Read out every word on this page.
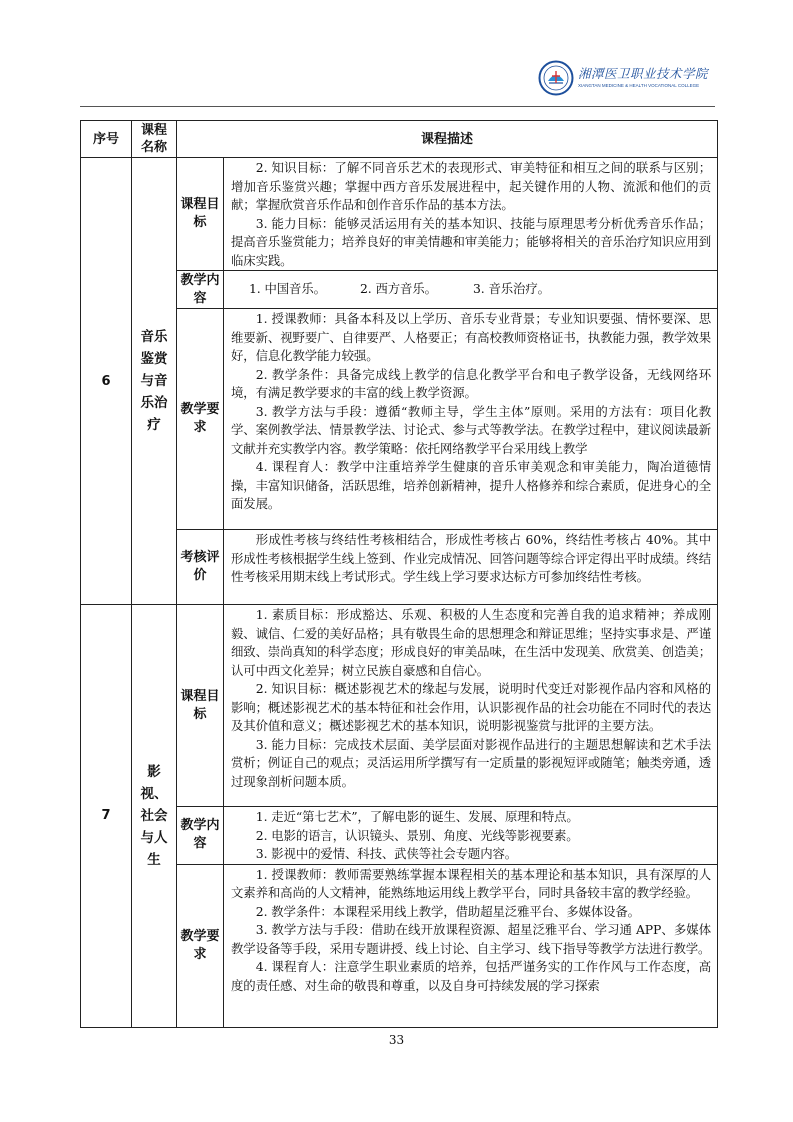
湘潭医卫职业技术学院
XIANGTAN MEDICINE & HEALTH VOCATIONAL COLLEGE
序号	课程名称	课程描述	
6	音乐鉴赏与音乐治疗	课程目标	2. 知识目标：了解不同音乐艺术的表现形式、审美特征和相互之间的联系与区别；增加音乐鉴赏兴趣；掌握中西方音乐发展进程中，起关键作用的人物、流派和他们的贡献；掌握欣赏音乐作品和创作音乐作品的基本方法。

3. 能力目标：能够灵活运用有关的基本知识、技能与原理思考分析优秀音乐作品；提高音乐鉴赏能力；培养良好的审美情趣和审美能力；能够将相关的音乐治疗知识应用到临床实践。

		教学内容	1. 中国音乐。 2. 西方音乐。 3. 音乐治疗。

		教学要求	1. 授课教师：具备本科及以上学历、音乐专业背景；专业知识要强、情怀要深、思维要新、视野要广、自律要严、人格要正；有高校教师资格证书，执教能力强，教学效果好，信息化教学能力较强。

2. 教学条件：具备完成线上教学的信息化教学平台和电子教学设备，无线网络环境，有满足教学要求的丰富的线上教学资源。

3. 教学方法与手段：遵循“教师主导，学生主体”原则。采用的方法有：项目化教学、案例教学法、情景教学法、讨论式、参与式等教学法。在教学过程中，建议阅读最新文献并充实教学内容。教学策略：依托网络教学平台采用线上教学

4. 课程育人：教学中注重培养学生健康的音乐审美观念和审美能力，陶冶道德情操，丰富知识储备，活跃思维，培养创新精神，提升人格修养和综合素质，促进身心的全面发展。

		考核评价	形成性考核与终结性考核相结合，形成性考核占 60%，终结性考核占 40%。其中形成性考核根据学生线上签到、作业完成情况、回答问题等综合评定得出平时成绩。终结性考核采用期末线上考试形式。学生线上学习要求达标方可参加终结性考核。

7	影视、社会与人生	课程目标	1. 素质目标：形成豁达、乐观、积极的人生态度和完善自我的追求精神；养成刚毅、诚信、仁爱的美好品格；具有敬畏生命的思想理念和辩证思维；坚持实事求是、严谨细致、崇尚真知的科学态度；形成良好的审美品味，在生活中发现美、欣赏美、创造美；认可中西文化差异；树立民族自豪感和自信心。

2. 知识目标：概述影视艺术的缘起与发展，说明时代变迁对影视作品内容和风格的影响；概述影视艺术的基本特征和社会作用，认识影视作品的社会功能在不同时代的表达及其价值和意义；概述影视艺术的基本知识，说明影视鉴赏与批评的主要方法。

3. 能力目标：完成技术层面、美学层面对影视作品进行的主题思想解读和艺术手法赏析；例证自己的观点；灵活运用所学撰写有一定质量的影视短评或随笔；触类旁通，透过现象剖析问题本质。

		教学内容	1. 走近“第七艺术”，了解电影的诞生、发展、原理和特点。

2. 电影的语言，认识镜头、景别、角度、光线等影视要素。

3. 影视中的爱情、科技、武侠等社会专题内容。

		教学要求	1. 授课教师：教师需要熟练掌握本课程相关的基本理论和基本知识，具有深厚的人文素养和高尚的人文精神，能熟练地运用线上教学平台，同时具备较丰富的教学经验。

2. 教学条件：本课程采用线上教学，借助超星泛雅平台、多媒体设备。

3. 教学方法与手段：借助在线开放课程资源、超星泛雅平台、学习通 APP、多媒体教学设备等手段，采用专题讲授、线上讨论、自主学习、线下指导等教学方法进行教学。

4. 课程育人：注意学生职业素质的培养，包括严谨务实的工作作风与工作态度，高度的责任感、对生命的敬畏和尊重，以及自身可持续发展的学习探索

33
